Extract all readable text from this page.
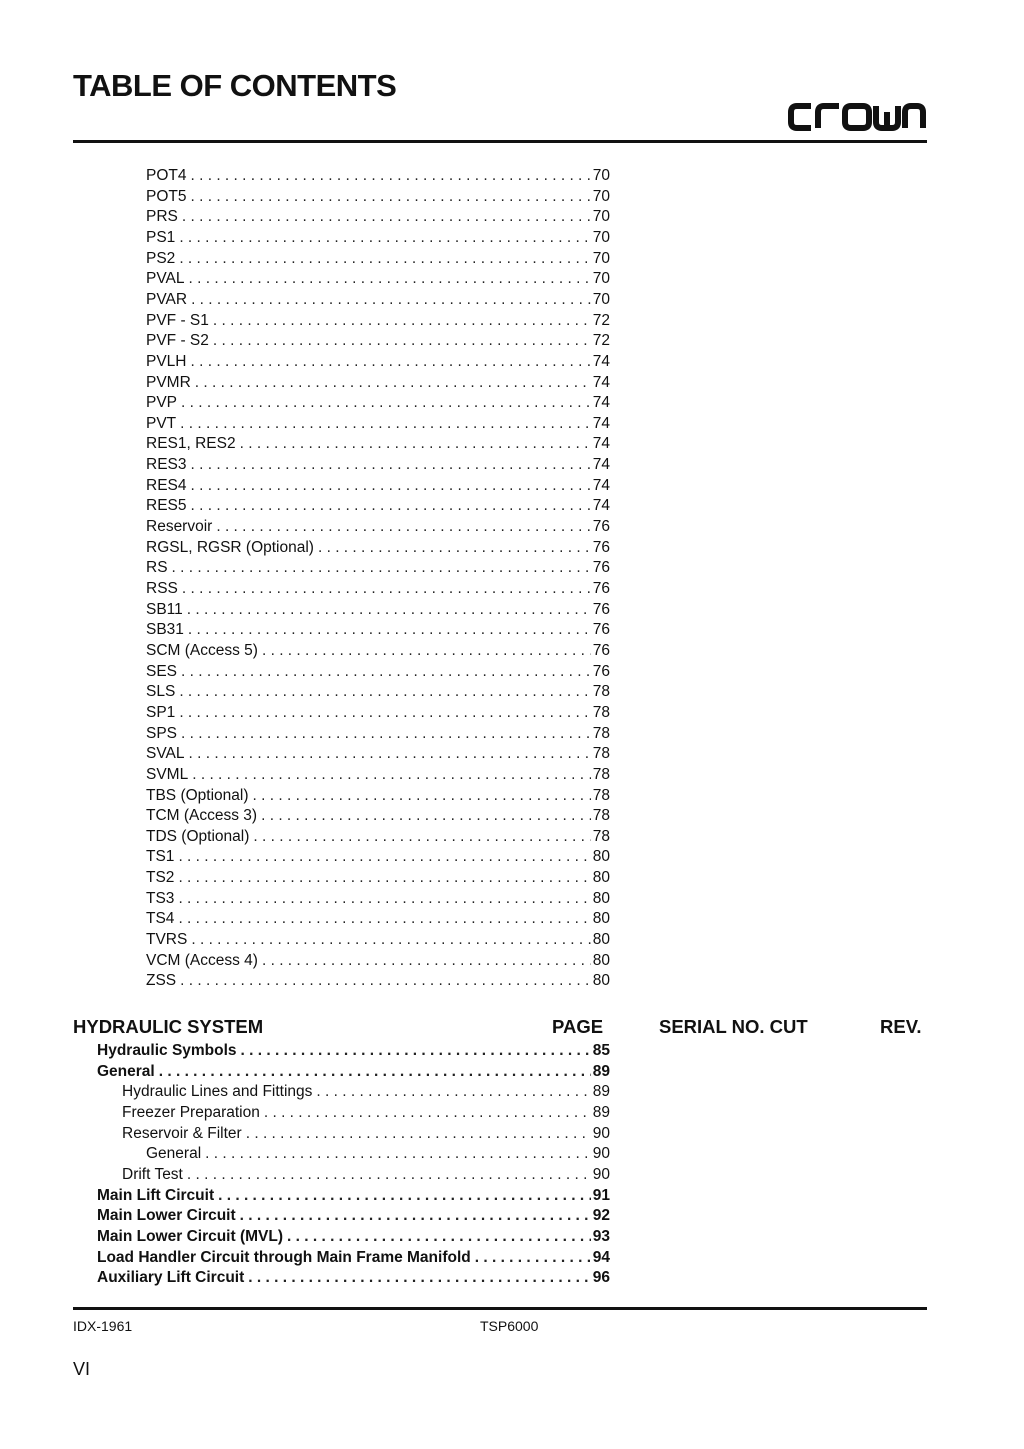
TABLE OF CONTENTS
POT4 . . .	70
POT5 . . .	70
PRS . . .	70
PS1 . . .	70
PS2 . . .	70
PVAL . . .	70
PVAR . . .	70
PVF - S1 . . .	72
PVF - S2 . . .	72
PVLH . . .	74
PVMR . . .	74
PVP . . .	74
PVT . . .	74
RES1, RES2 . . .	74
RES3 . . .	74
RES4 . . .	74
RES5 . . .	74
Reservoir . . .	76
RGSL, RGSR (Optional) . . .	76
RS . . .	76
RSS . . .	76
SB11 . . .	76
SB31 . . .	76
SCM (Access 5) . . .	76
SES . . .	76
SLS . . .	78
SP1 . . .	78
SPS . . .	78
SVAL . . .	78
SVML . . .	78
TBS (Optional) . . .	78
TCM (Access 3) . . .	78
TDS (Optional) . . .	78
TS1 . . .	80
TS2 . . .	80
TS3 . . .	80
TS4 . . .	80
TVRS . . .	80
VCM (Access 4) . . .	80
ZSS . . .	80
HYDRAULIC SYSTEM	PAGE	SERIAL NO. CUT	REV.
Hydraulic Symbols . . .	85
General . . .	89
Hydraulic Lines and Fittings . . .	89
Freezer Preparation . . .	89
Reservoir & Filter . . .	90
General . . .	90
Drift Test . . .	90
Main Lift Circuit . . .	91
Main Lower Circuit . . .	92
Main Lower Circuit (MVL) . . .	93
Load Handler Circuit through Main Frame Manifold . . .	94
Auxiliary Lift Circuit . . .	96
IDX-1961	TSP6000
VI
